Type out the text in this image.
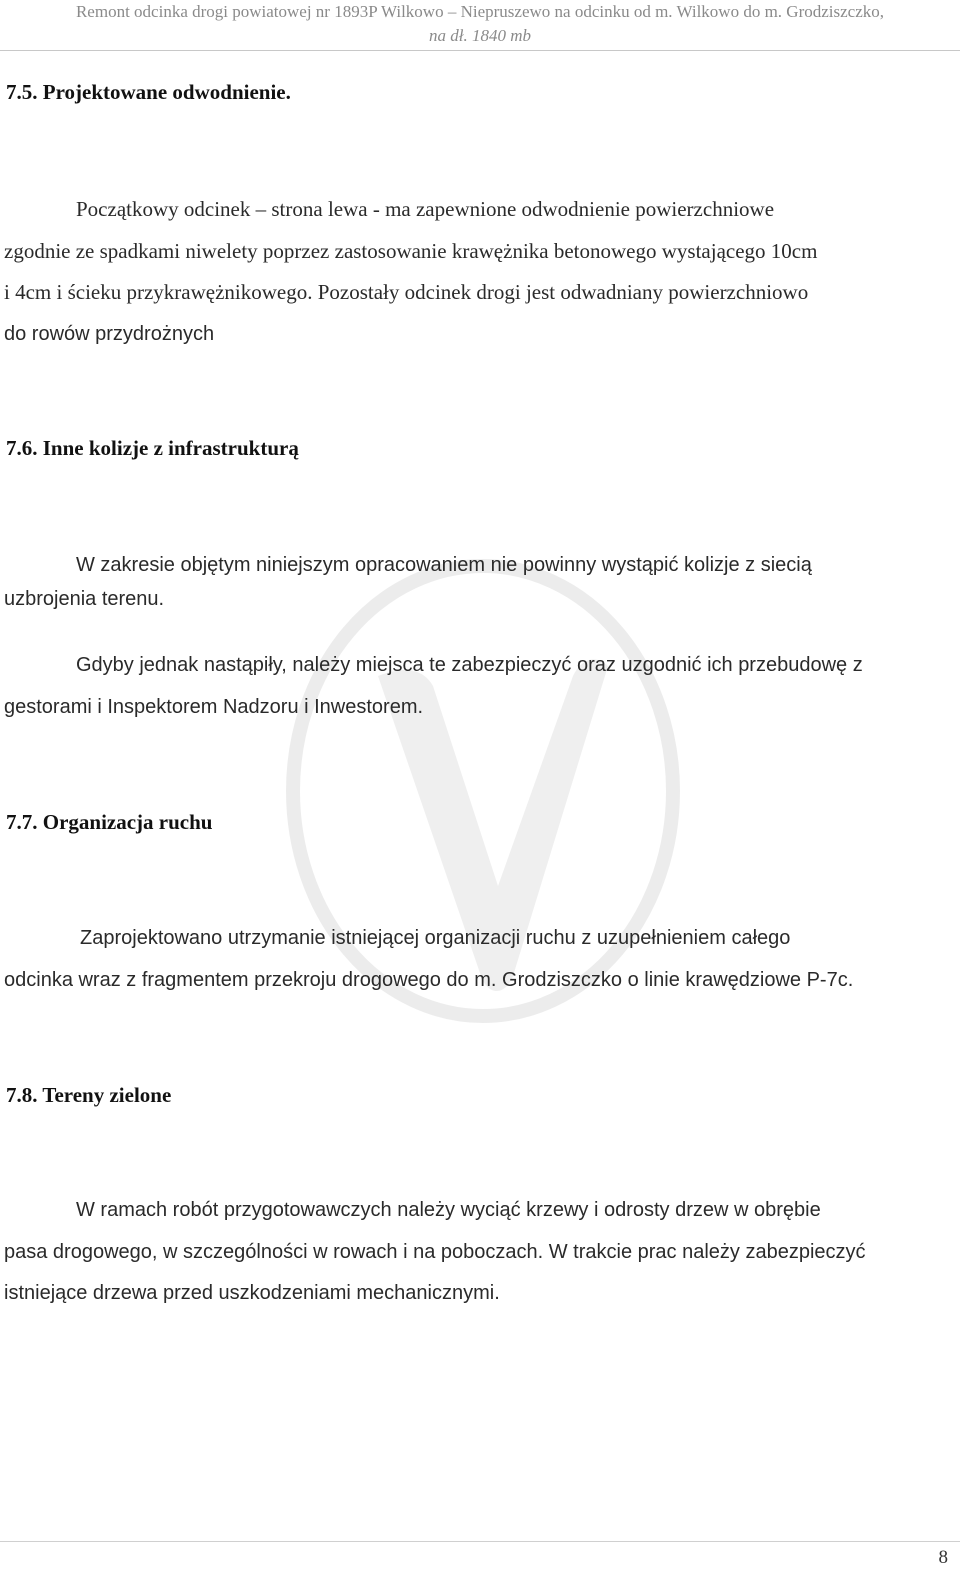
Remont odcinka drogi powiatowej nr 1893P Wilkowo – Niepruszewo na odcinku od m. Wilkowo do m. Grodziszczko,
na dł. 1840 mb
7.5. Projektowane odwodnienie.
Początkowy odcinek – strona lewa - ma zapewnione odwodnienie powierzchniowe
zgodnie ze spadkami niwelety poprzez zastosowanie krawężnika betonowego wystającego 10cm
i 4cm i ścieku przykrawężnikowego. Pozostały odcinek drogi jest odwadniany powierzchniowo
do rowów przydrożnych
7.6. Inne kolizje z infrastrukturą
W zakresie objętym niniejszym opracowaniem nie powinny wystąpić kolizje z siecią
uzbrojenia terenu.
Gdyby jednak nastąpiły, należy miejsca te zabezpieczyć oraz uzgodnić ich przebudowę z
gestorami i Inspektorem Nadzoru i Inwestorem.
7.7. Organizacja ruchu
Zaprojektowano utrzymanie istniejącej organizacji ruchu z uzupełnieniem całego
odcinka wraz z fragmentem przekroju drogowego do m. Grodziszczko o linie krawędziowe P-7c.
7.8. Tereny zielone
W ramach robót przygotowawczych należy wyciąć krzewy i odrosty drzew w obrębie
pasa drogowego, w szczególności w rowach i na poboczach. W trakcie prac należy zabezpieczyć
istniejące drzewa przed uszkodzeniami mechanicznymi.
8
